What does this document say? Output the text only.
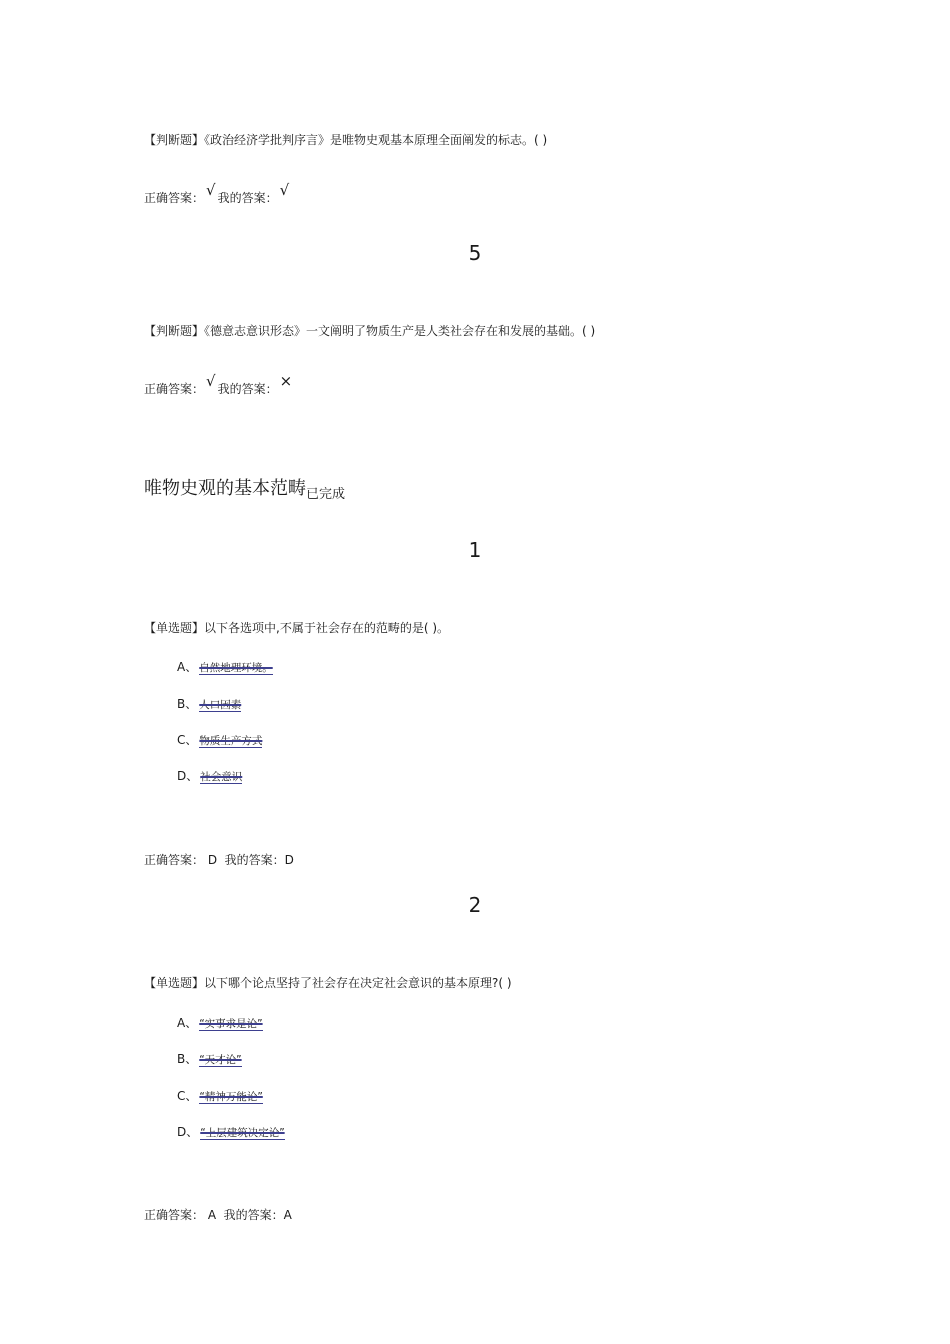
【判断题】《政治经济学批判序言》是唯物史观基本原理全面阐发的标志。( )
正确答案： √ 我的答案： √
5
【判断题】《德意志意识形态》一文阐明了物质生产是人类社会存在和发展的基础。( )
正确答案： √ 我的答案： ×
唯物史观的基本范畴$_{已完成}$
1
【单选题】以下各选项中,不属于社会存在的范畴的是( )。
A、 自然地理环境。
B、 人口因素
C、 物质生产方式
D、 社会意识
正确答案： D  我的答案：D
2
【单选题】以下哪个论点坚持了社会存在决定社会意识的基本原理?( )
A、 “实事求是论”
B、 “天才论”
C、 “精神万能论”
D、 “上层建筑决定论”
正确答案： A  我的答案：A
